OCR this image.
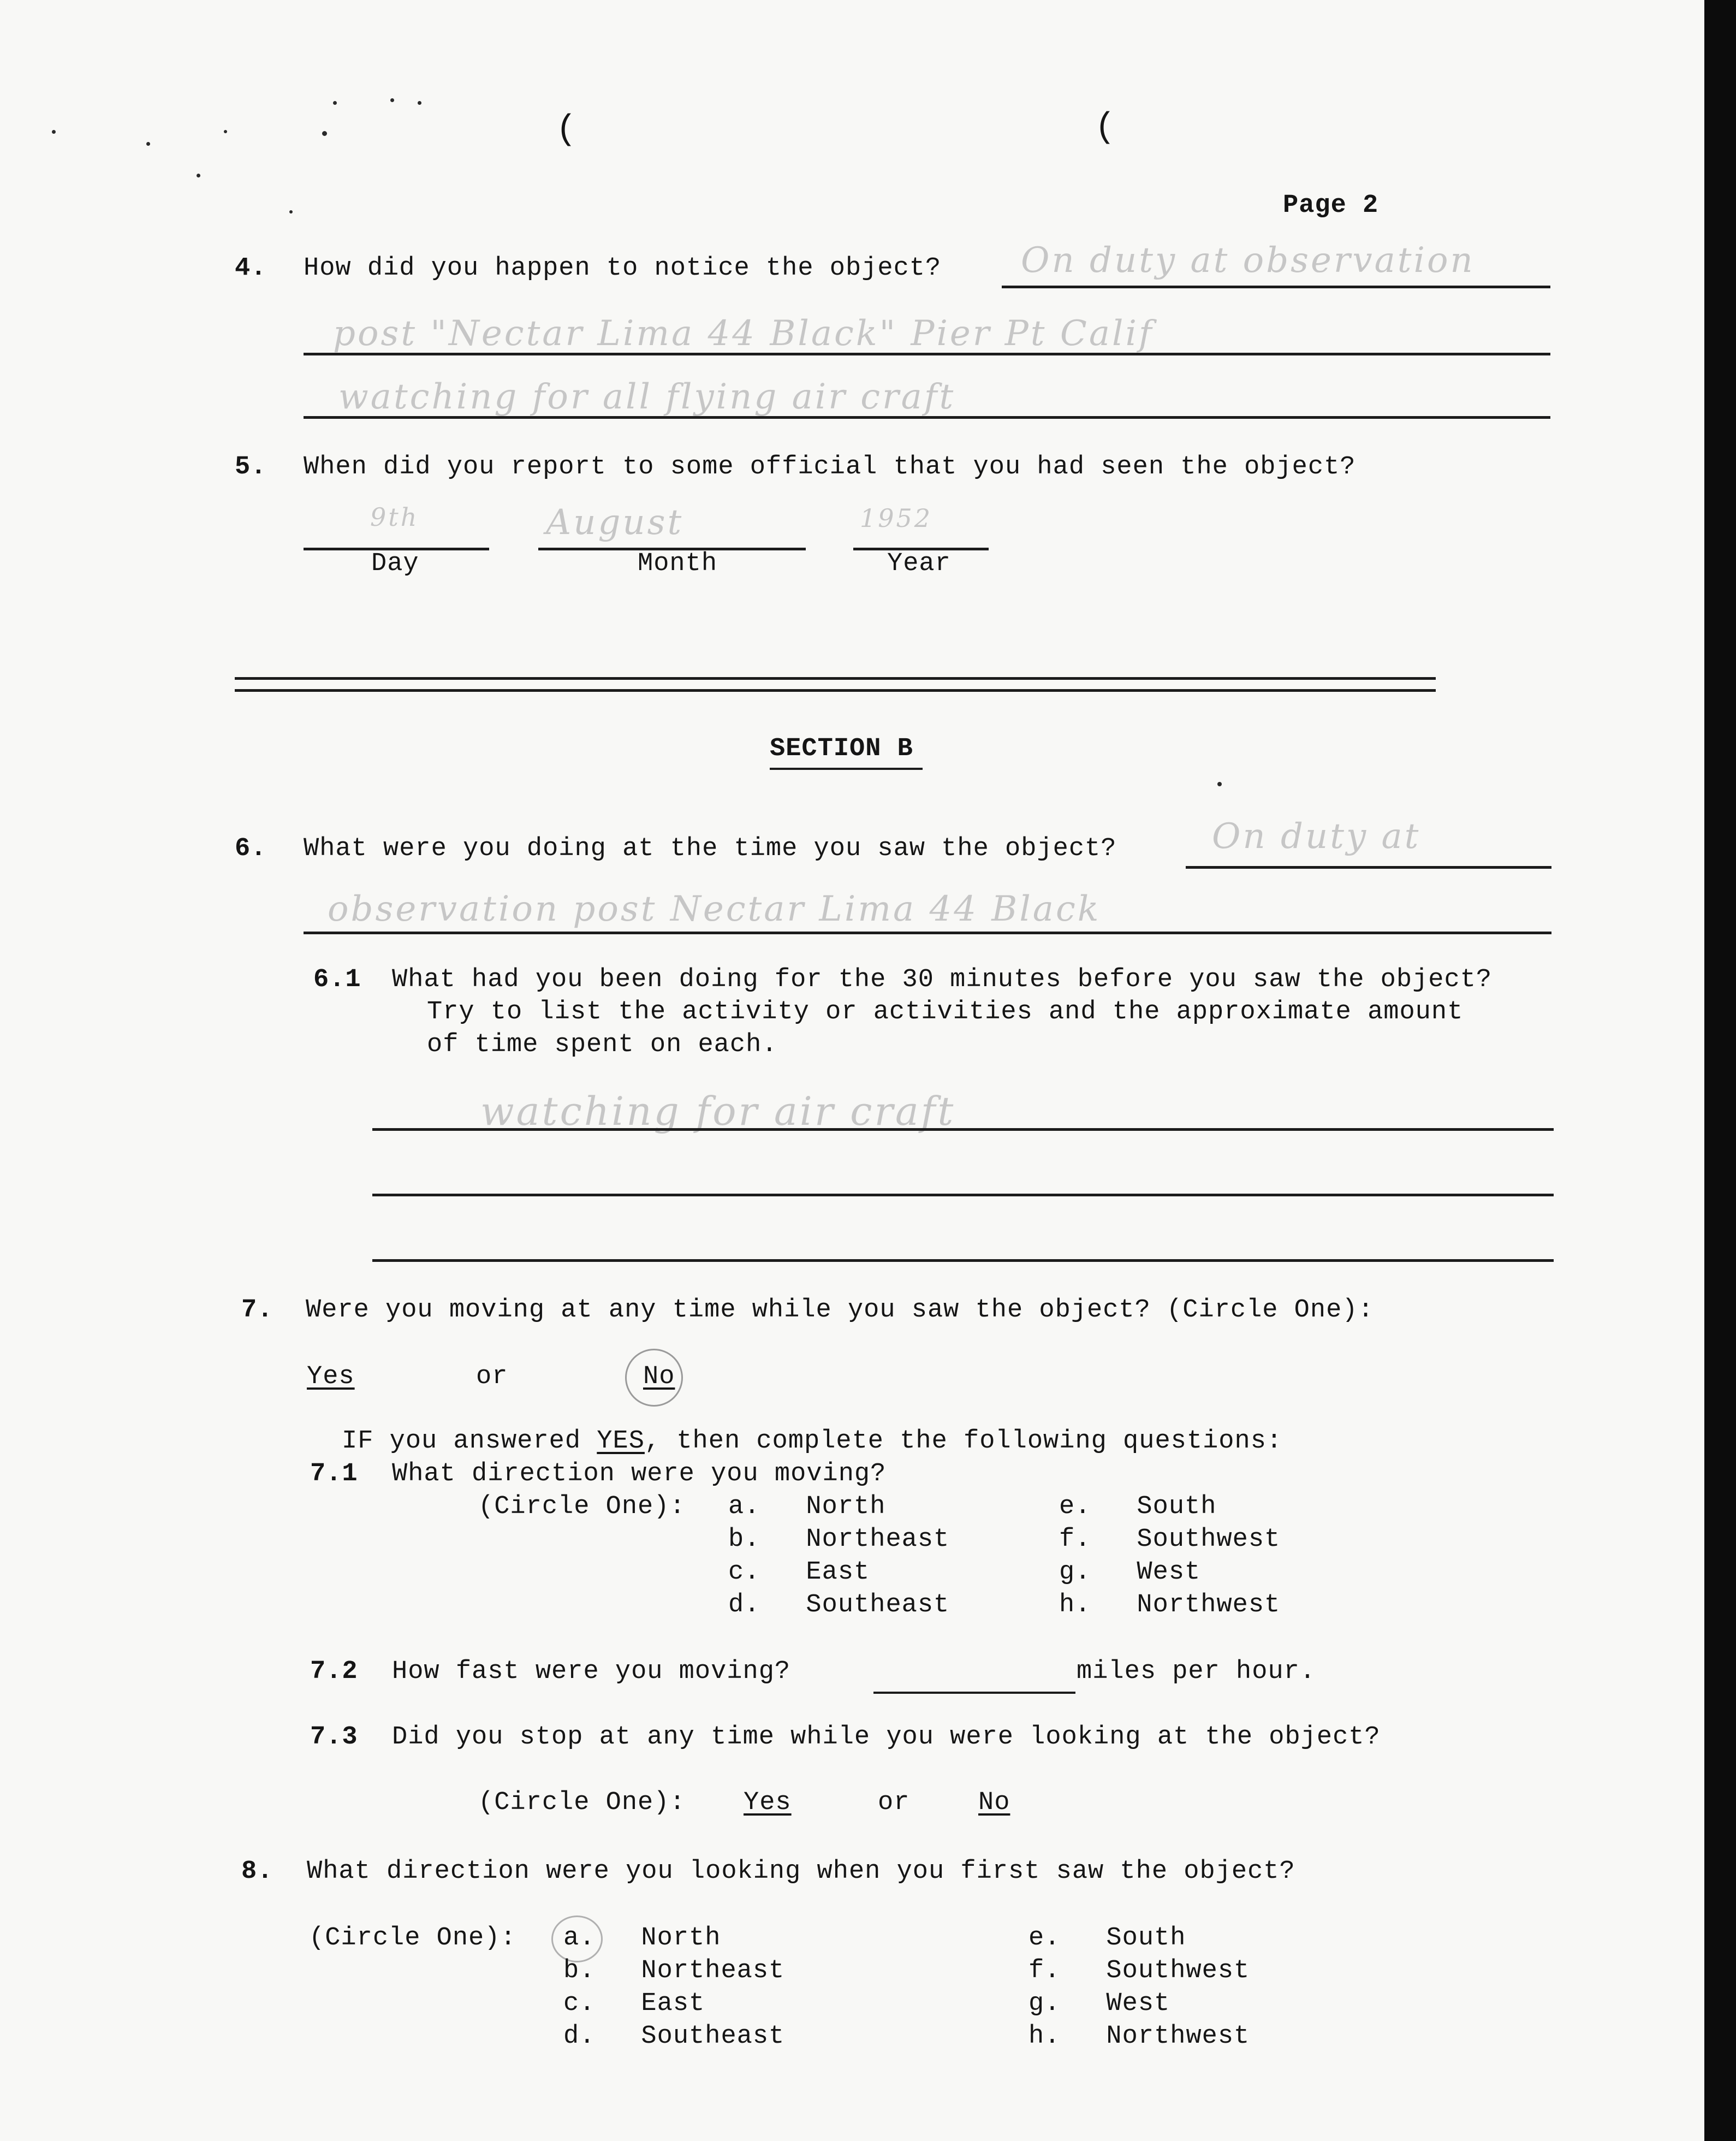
(	(
Page 2
4. How did you happen to notice the object? On duty at observation
post "Nectar Lima 44 Black" Pier Pt Calif
watching for all flying air craft
5. When did you report to some official that you had seen the object?
9th	August	1952
Day	Month	Year
SECTION B
6. What were you doing at the time you saw the object?	On duty at
observation post Nectar Lima 44 Black
6.1 What had you been doing for the 30 minutes before you saw the object?
Try to list the activity or activities and the approximate amount
of time spent on each.
watching for air craft
7. Were you moving at any time while you saw the object? (Circle One):
Yes	or	No
IF you answered YES, then complete the following questions:
7.1 What direction were you moving?
(Circle One): a. North
b. Northeast
c. East
d. Southeast
e. South
f. Southwest
g. West
h. Northwest
7.2 How fast were you moving?	miles per hour.
7.3 Did you stop at any time while you were looking at the object?
(Circle One): Yes	or	No
8. What direction were you looking when you first saw the object?
(Circle One): a. North
b. Northeast
c. East
d. Southeast
e. South
f. Southwest
g. West
h. Northwest
